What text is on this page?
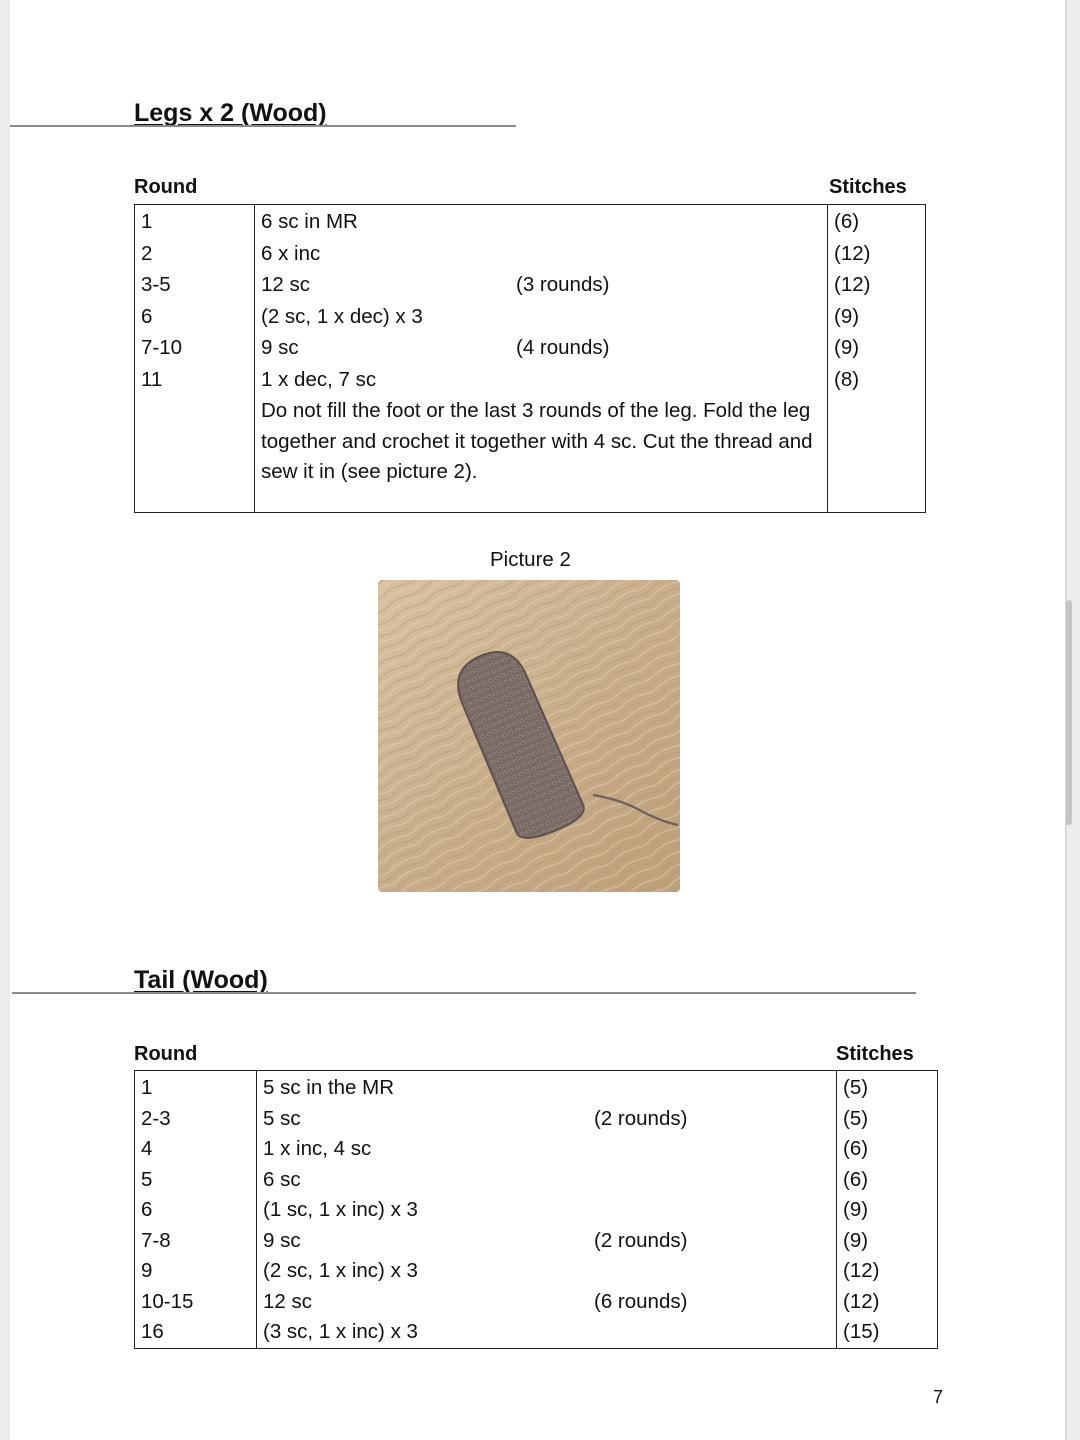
Legs x 2 (Wood)
Round	Stitches
1	6 sc in MR	(6)
2	6 x inc	(12)
3-5	12 sc (3 rounds)	(12)
6	(2 sc, 1 x dec) x 3	(9)
7-10	9 sc (4 rounds)	(9)
11	1 x dec, 7 sc	(8)
	Do not fill the foot or the last 3 rounds of the leg. Fold the leg together and crochet it together with 4 sc. Cut the thread and sew it in (see picture 2).	
Picture 2
Tail (Wood)
Round	Stitches
1	5 sc in the MR	(5)
2-3	5 sc (2 rounds)	(5)
4	1 x inc, 4 sc	(6)
5	6 sc	(6)
6	(1 sc, 1 x inc) x 3	(9)
7-8	9 sc (2 rounds)	(9)
9	(2 sc, 1 x inc) x 3	(12)
10-15	12 sc (6 rounds)	(12)
16	(3 sc, 1 x inc) x 3	(15)
7
